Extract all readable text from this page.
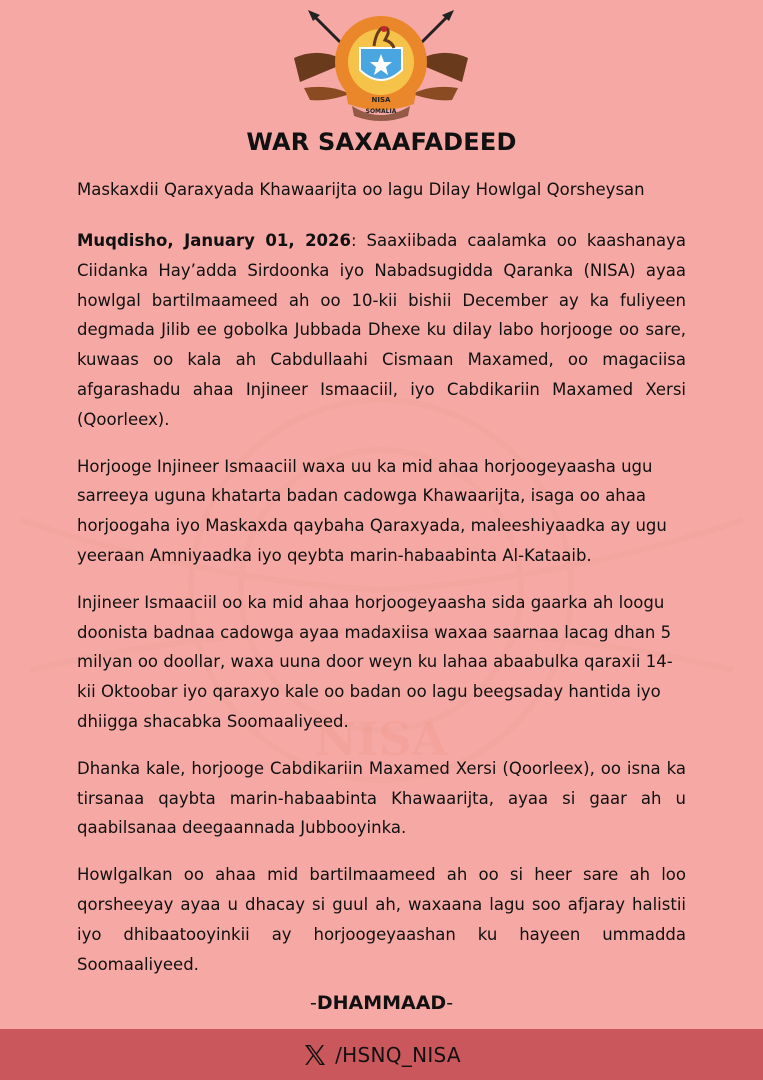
NISA
NISA
SOMALIA
WAR SAXAAFADEED
Maskaxdii Qaraxyada Khawaarijta oo lagu Dilay Howlgal Qorsheysan

Muqdisho, January 01, 2026: Saaxiibada caalamka oo kaashanaya Ciidanka Hay’adda Sirdoonka iyo Nabadsugidda Qaranka (NISA) ayaa howlgal bartilmaameed ah oo 10-kii bishii December ay ka fuliyeen degmada Jilib ee gobolka Jubbada Dhexe ku dilay labo horjooge oo sare, kuwaas oo kala ah Cabdullaahi Cismaan Maxamed, oo magaciisa afgarashadu ahaa Injineer Ismaaciil, iyo Cabdikariin Maxamed Xersi (Qoorleex).

Horjooge Injineer Ismaaciil waxa uu ka mid ahaa horjoogeyaasha ugu sarreeya uguna khatarta badan cadowga Khawaarijta, isaga oo ahaa horjoogaha iyo Maskaxda qaybaha Qaraxyada, maleeshiyaadka ay ugu yeeraan Amniyaadka iyo qeybta marin-habaabinta Al-Kataaib.

Injineer Ismaaciil oo ka mid ahaa horjoogeyaasha sida gaarka ah loogu doonista badnaa cadowga ayaa madaxiisa waxaa saarnaa lacag dhan 5 milyan oo doollar, waxa uuna door weyn ku lahaa abaabulka qaraxii 14-kii Oktoobar iyo qaraxyo kale oo badan oo lagu beegsaday hantida iyo dhiigga shacabka Soomaaliyeed.

Dhanka kale, horjooge Cabdikariin Maxamed Xersi (Qoorleex), oo isna ka tirsanaa qaybta marin-habaabinta Khawaarijta, ayaa si gaar ah u qaabilsanaa deegaannada Jubbooyinka.

Howlgalkan oo ahaa mid bartilmaameed ah oo si heer sare ah loo qorsheeyay ayaa u dhacay si guul ah, waxaana lagu soo afjaray halistii iyo dhibaatooyinkii ay horjoogeyaashan ku hayeen ummadda Soomaaliyeed.

-DHAMMAAD-
/HSNQ_NISA
